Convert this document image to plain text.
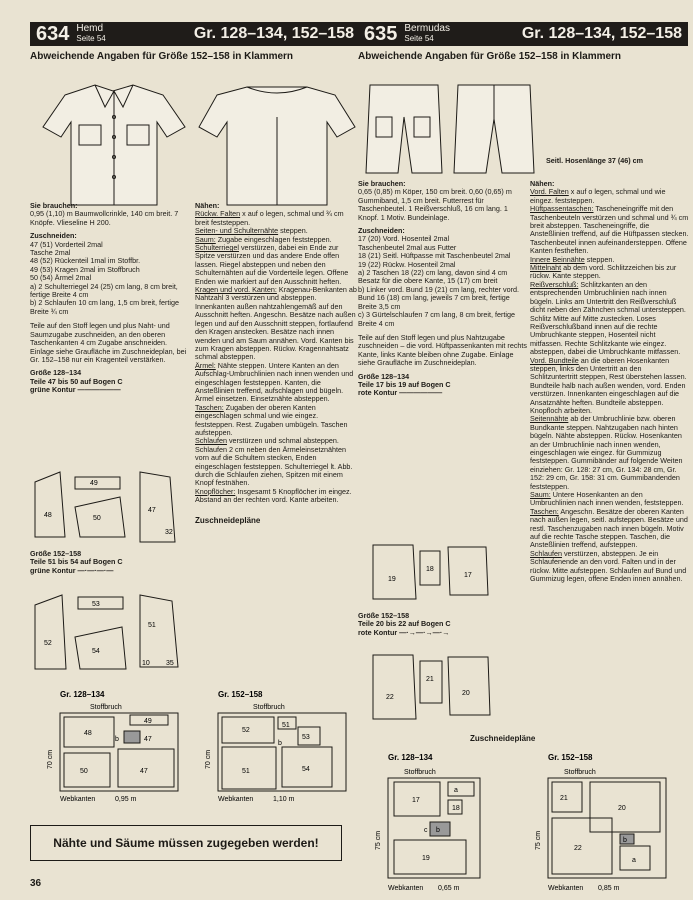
634 Hemd
Seite 54	Gr. 128–134, 152–158
Abweichende Angaben für Größe 152–158 in Klammern
Sie brauchen:
0,95 (1,10) m Baumwollcrinkle, 140 cm breit. 7 Knöpfe. Vlieseline H 200.
Zuschneiden:
47 (51) Vorderteil 2mal
Tasche 2mal
48 (52) Rückenteil 1mal im Stoffbr.
49 (53) Kragen 2mal im Stoffbruch
50 (54) Ärmel 2mal
a) 2 Schulterriegel 24 (25) cm lang, 8 cm breit, fertige Breite 4 cm
b) 2 Schlaufen 10 cm lang, 1,5 cm breit, fertige Breite ¾ cm
Teile auf den Stoff legen und plus Naht- und Saumzugabe zuschneiden, an den oberen Taschenkanten 4 cm Zugabe anschneiden. Einlage siehe Graufläche im Zuschneideplan, bei Gr. 152–158 nur ein Kragenteil verstärken.
Größe 128–134
Teile 47 bis 50 auf Bogen C
grüne Kontur ——————
48
49
50
47
32
Größe 152–158
Teile 51 bis 54 auf Bogen C
grüne Kontur —·—·—·—
52
53
54
51
35
10
Nähen:
Rückw. Falten x auf o legen, schmal und ¾ cm breit feststeppen.
Seiten- und Schulternähte steppen.
Saum: Zugabe eingeschlagen feststeppen.
Schulterriegel verstürzen, dabei ein Ende zur Spitze verstürzen und das andere Ende offen lassen. Riegel absteppen und neben den Schulternähten auf die Vorderteile legen. Offene Enden wie markiert auf den Ausschnitt heften.
Kragen und vord. Kanten: Kragenau-Benkanten ab Nahtzahl 3 verstürzen und absteppen. Innenkanten außen nahtzahlengemäß auf den Ausschnitt heften. Angeschn. Besätze nach außen legen und auf den Ausschnitt steppen, fortlaufend den Kragen anstecken. Besätze nach innen wenden und am Saum annähen. Vord. Kanten bis zum Kragen absteppen. Rückw. Kragennahtsatz schmal absteppen.
Ärmel: Nähte steppen. Untere Kanten an den Aufschlag-Umbruchlinien nach innen wenden und eingeschlagen feststeppen. Kanten, die Ansteßlinien treffend, aufschlagen und bügeln. Ärmel einsetzen. Einsetznähte absteppen.
Taschen: Zugaben der oberen Kanten eingeschlagen schmal und wie eingez. feststeppen. Rest. Zugaben umbügeln. Taschen aufsteppen.
Schlaufen verstürzen und schmal absteppen. Schlaufen 2 cm neben den Ärmeleinsetznähten vorn auf die Schultern stecken, Enden eingeschlagen feststeppen. Schulterriegel lt. Abb. durch die Schlaufen ziehen, Spitzen mit einem Knopf festnähen.
Knopflöcher: Insgesamt 5 Knopflöcher im eingez. Abstand an der rechten vord. Kante arbeiten.
Zuschneidepläne
Gr. 128–134
Stoffbruch
48
49
47
b
50	47
70 cm
Webkanten	0,95 m
Gr. 152–158
Stoffbruch
52
51
53
51	54
b
70 cm
Webkanten	1,10 m
635 Bermudas
Seite 54	Gr. 128–134, 152–158
Abweichende Angaben für Größe 152–158 in Klammern
Seitl. Hosenlänge 37 (46) cm
Sie brauchen:
0,65 (0,85) m Köper, 150 cm breit. 0,60 (0,65) m Gummiband, 1,5 cm breit. Futterrest für Taschenbeutel. 1 Reißverschluß, 16 cm lang. 1 Knopf. 1 Motiv. Bundeinlage.
Zuschneiden:
17 (20) Vord. Hosenteil 2mal
Taschenbeutel 2mal aus Futter
18 (21) Seitl. Hüftpasse mit Taschenbeutel 2mal
19 (22) Rückw. Hosenteil 2mal
a) 2 Taschen 18 (22) cm lang, davon sind 4 cm Besatz für die obere Kante, 15 (17) cm breit
b) Linker vord. Bund 19 (21) cm lang, rechter vord. Bund 16 (18) cm lang, jeweils 7 cm breit, fertige Breite 3,5 cm
c) 3 Gürtelschlaufen 7 cm lang, 8 cm breit, fertige Breite 4 cm
Teile auf den Stoff legen und plus Nahtzugabe zuschneiden – die vord. Hüftpassenkanten mit rechts Kante, links Kante bleiben ohne Zugabe. Einlage siehe Graufläche im Zuschneideplan.
Größe 128–134
Teile 17 bis 19 auf Bogen C
rote Kontur ——————
19
18
17
Größe 152–158
Teile 20 bis 22 auf Bogen C
rote Kontur —·→—·→—·→
22
21
20
Nähen:
Vord. Falten x auf o legen, schmal und wie eingez. feststeppen.
Hüftpassentaschen: Tascheneingriffe mit den Taschenbeuteln verstürzen und schmal und ¾ cm breit absteppen. Tascheneingriffe, die Ansteßlinien treffend, auf die Hüftpassen stecken. Taschenbeutel innen aufeinandersteppen. Offene Kanten festheften.
Innere Beinnähte steppen.
Mittelnaht ab dem vord. Schlitzzeichen bis zur rückw. Kante steppen.
Reißverschluß: Schlitzkanten an den entsprechenden Umbruchlinien nach innen bügeln. Links am Untertritt den Reißverschluß dicht neben den Zähnchen schmal untersteppen. Schlitz Mitte auf Mitte zustecken. Loses Reißverschlußband innen auf die rechte Umbruchkante steppen, Hosenteil nicht mitfassen. Rechte Schlitzkante wie eingez. absteppen, dabei die Umbruchkante mitfassen.
Vord. Bundteile an die oberen Hosenkanten steppen, links den Untertritt an den Schlitzuntertritt steppen, Rest überstehen lassen. Bundteile halb nach außen wenden, vord. Enden verstürzen. Innenkanten eingeschlagen auf die Ansatznähte heften. Bundteile absteppen. Knopfloch arbeiten.
Seitennähte ab der Umbruchlinie bzw. oberen Bundkante steppen. Nahtzugaben nach hinten bügeln. Nähte absteppen. Rückw. Hosenkanten an der Umbruchlinie nach innen wenden, eingeschlagen wie eingez. für Gummizug feststeppen. Gummibänder auf folgende Weiten einziehen: Gr. 128: 27 cm, Gr. 134: 28 cm, Gr. 152: 29 cm, Gr. 158: 31 cm. Gummibandenden feststeppen.
Saum: Untere Hosenkanten an den Umbruchlinien nach innen wenden, feststeppen.
Taschen: Angeschn. Besätze der oberen Kanten nach außen legen, seitl. aufsteppen. Besätze und restl. Taschenzugaben nach innen bügeln. Motiv auf die rechte Tasche steppen. Taschen, die Ansteßlinien treffend, aufsteppen.
Schlaufen verstürzen, absteppen. Je ein Schlaufenende an den vord. Falten und in der rückw. Mitte aufsteppen. Schlaufen auf Bund und Gummizug legen, offene Enden innen annähen.
Zuschneidepläne
Gr. 128–134
Stoffbruch
17
a
18
c b
19
75 cm
Webkanten 0,65 m
Gr. 152–158
Stoffbruch
21
20
22
a
b
75 cm
Webkanten 0,85 m
Nähte und Säume müssen zugegeben werden!
36
